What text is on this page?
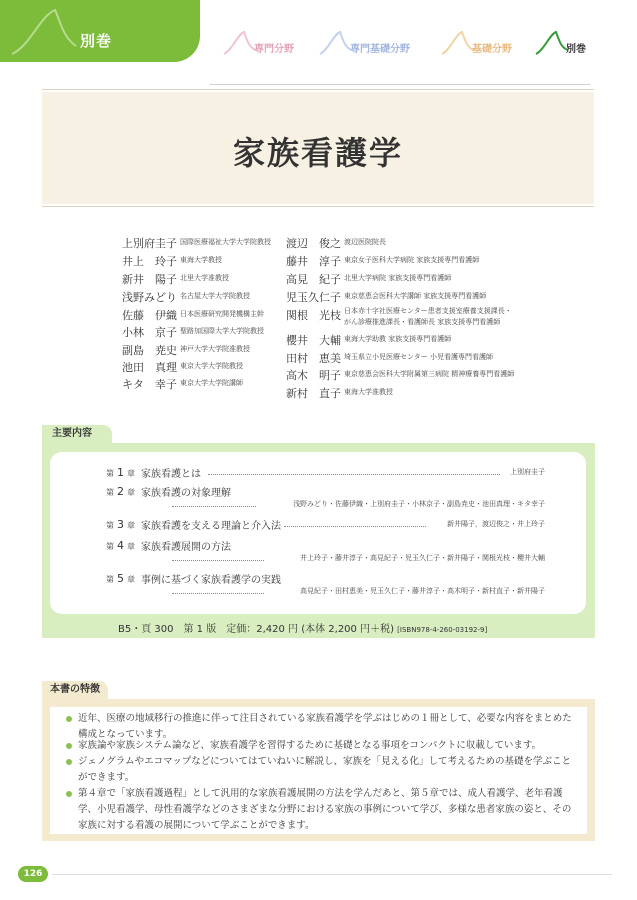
別巻	専門分野	専門基礎分野	基礎分野	別巻
家族看護学
上別府圭子 国際医療福祉大学大学院教授
井上　玲子 東海大学教授
新井　陽子 北里大学准教授
浅野みどり 名古屋大学大学院教授
佐藤　伊織 日本医療研究開発機構主幹
小林　京子 聖路加国際大学大学院教授
副島　尭史 神戸大学大学院准教授
池田　真理 東京大学大学院教授
キタ　幸子 東京大学大学院講師
渡辺　俊之 渡辺医院院長
藤井　淳子 東京女子医科大学病院 家族支援専門看護師
高見　紀子 北里大学病院 家族支援専門看護師
児玉久仁子 東京慈恵会医科大学講師 家族支援専門看護師
関根　光枝 日本赤十字社医療センター患者支援室療養支援課長・
がん診療推進課長・看護師長 家族支援専門看護師
櫻井　大輔 東海大学助教 家族支援専門看護師
田村　恵美 埼玉県立小児医療センター 小児看護専門看護師
高木　明子 東京慈恵会医科大学附属第三病院 精神療養専門看護師
新村　直子 東海大学准教授
主要内容
第 1 章 家族看護とは	上別府圭子
第 2 章 家族看護の対象理解
浅野みどり・佐藤伊織・上別府圭子・小林京子・副島尭史・池田真理・キタ幸子
第 3 章 家族看護を支える理論と介入法	新井陽子，渡辺俊之・井上玲子
第 4 章 家族看護展開の方法
井上玲子・藤井淳子・高見紀子・児玉久仁子・新井陽子・関根光枝・櫻井大輔
第 5 章 事例に基づく家族看護学の実践
高見紀子・田村恵美・児玉久仁子・藤井淳子・高木明子・新村直子・新井陽子
B5・頁 300　第 1 版　定価：2,420 円 (本体 2,200 円＋税) [ISBN978-4-260-03192-9]
本書の特徴
近年、医療の地域移行の推進に伴って注目されている家族看護学を学ぶはじめの１冊として、必要な内容をまとめた構成となっています。
家族論や家族システム論など、家族看護学を習得するために基礎となる事項をコンパクトに収載しています。
ジェノグラムやエコマップなどについてはていねいに解説し、家族を「見える化」して考えるための基礎を学ぶことができます。
第４章で「家族看護過程」として汎用的な家族看護展開の方法を学んだあと、第５章では、成人看護学、老年看護学、小児看護学、母性看護学などのさまざまな分野における家族の事例について学び、多様な患者家族の姿と、その家族に対する看護の展開について学ぶことができます。
126
